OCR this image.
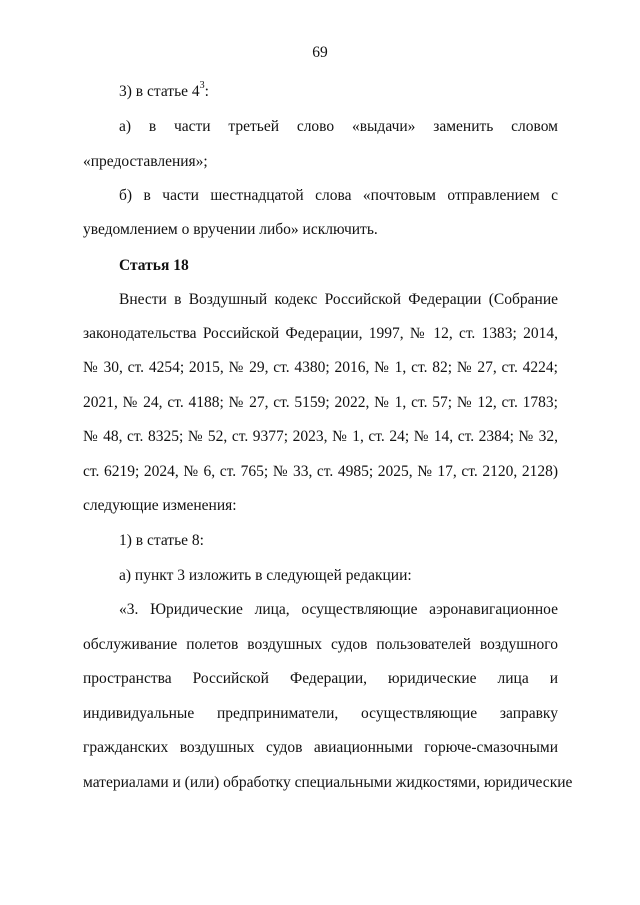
69
3) в статье $4^3$:
а) в части третьей слово «выдачи» заменить словом
«предоставления»;
б) в части шестнадцатой слова «почтовым отправлением с
уведомлением о вручении либо» исключить.
Статья 18
Внести в Воздушный кодекс Российской Федерации (Собрание
законодательства Российской Федерации, 1997, № 12, ст. 1383; 2014,
№ 30, ст. 4254; 2015, № 29, ст. 4380; 2016, № 1, ст. 82; № 27, ст. 4224;
2021, № 24, ст. 4188; № 27, ст. 5159; 2022, № 1, ст. 57; № 12, ст. 1783;
№ 48, ст. 8325; № 52, ст. 9377; 2023, № 1, ст. 24; № 14, ст. 2384; № 32,
ст. 6219; 2024, № 6, ст. 765; № 33, ст. 4985; 2025, № 17, ст. 2120, 2128)
следующие изменения:
1) в статье 8:
а) пункт 3 изложить в следующей редакции:
«3. Юридические лица, осуществляющие аэронавигационное
обслуживание полетов воздушных судов пользователей воздушного
пространства Российской Федерации, юридические лица и
индивидуальные предприниматели, осуществляющие заправку
гражданских воздушных судов авиационными горюче-смазочными
материалами и (или) обработку специальными жидкостями, юридические
